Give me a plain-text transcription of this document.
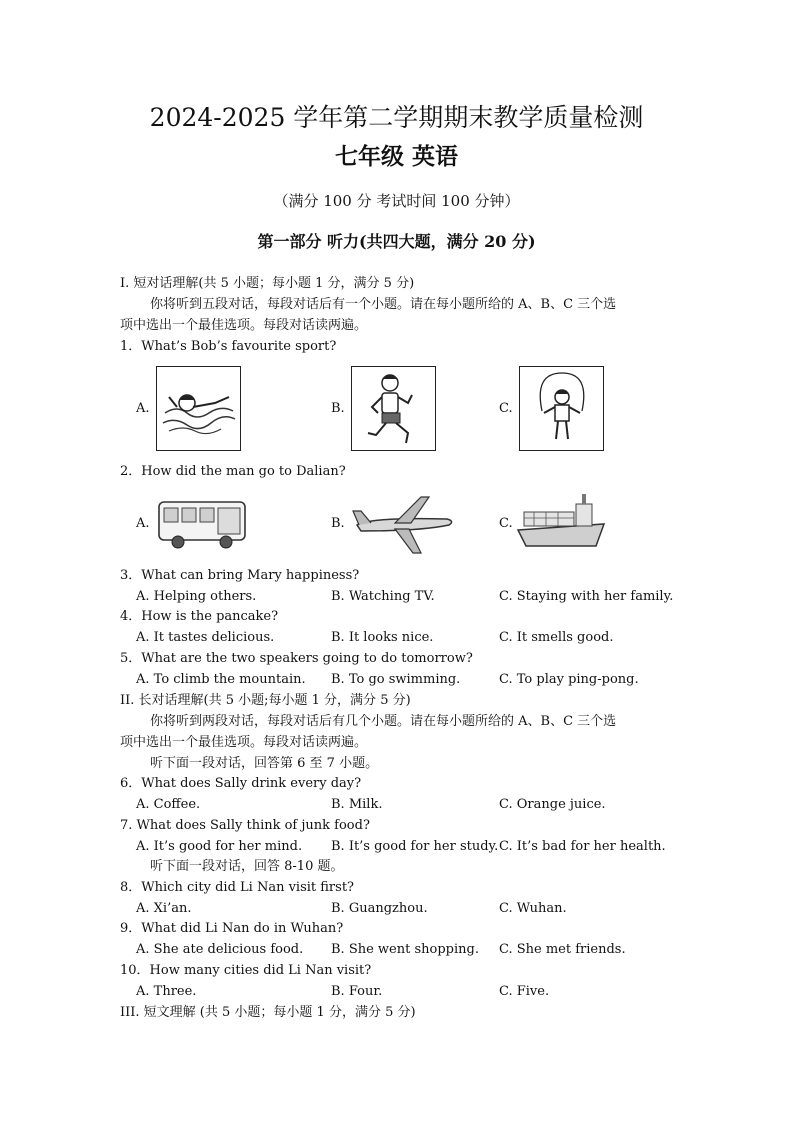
2024-2025 学年第二学期期末教学质量检测
七年级 英语
（满分 100 分 考试时间 100 分钟）
第一部分 听力(共四大题，满分 20 分)
I. 短对话理解(共 5 小题；每小题 1 分，满分 5 分)
你将听到五段对话，每段对话后有一个小题。请在每小题所给的 A、B、C 三个选
项中选出一个最佳选项。每段对话读两遍。
1．What’s Bob’s favourite sport?
A.	B.	C.
2．How did the man go to Dalian?
A.	B.	C.
3．What can bring Mary happiness?
A. Helping others.	B. Watching TV.	C. Staying with her family.
4．How is the pancake?
A. It tastes delicious.	B. It looks nice.	C. It smells good.
5．What are the two speakers going to do tomorrow?
A. To climb the mountain. B. To go swimming.	C. To play ping-pong.
II. 长对话理解(共 5 小题;每小题 1 分，满分 5 分)
你将听到两段对话，每段对话后有几个小题。请在每小题所给的 A、B、C 三个选
项中选出一个最佳选项。每段对话读两遍。
听下面一段对话，回答第 6 至 7 小题。
6．What does Sally drink every day?
A. Coffee.	B. Milk.	C. Orange juice.
7. What does Sally think of junk food?
A. It’s good for her mind. B. It’s good for her study. C. It’s bad for her health.
听下面一段对话，回答 8-10 题。
8．Which city did Li Nan visit first?
A. Xi’an.	B. Guangzhou.	C. Wuhan.
9．What did Li Nan do in Wuhan?
A. She ate delicious food. B. She went shopping. C. She met friends.
10．How many cities did Li Nan visit?
A. Three.	B. Four.	C. Five.
III. 短文理解 (共 5 小题；每小题 1 分，满分 5 分)
